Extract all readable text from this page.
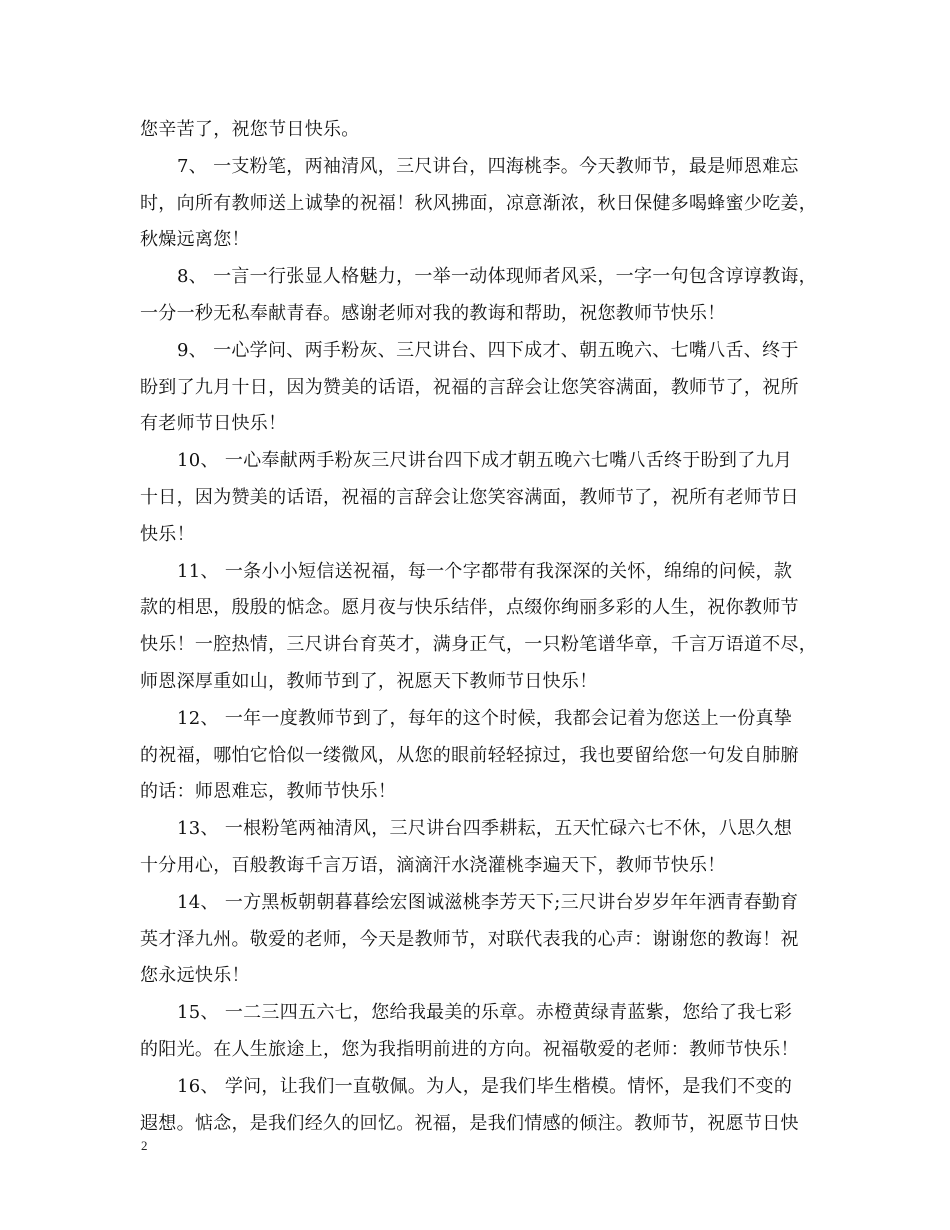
您辛苦了，祝您节日快乐。
7、 一支粉笔，两袖清风，三尺讲台，四海桃李。今天教师节，最是师恩难忘
时，向所有教师送上诚挚的祝福！秋风拂面，凉意渐浓，秋日保健多喝蜂蜜少吃姜，
秋燥远离您！
8、 一言一行张显人格魅力，一举一动体现师者风采，一字一句包含谆谆教诲，
一分一秒无私奉献青春。感谢老师对我的教诲和帮助，祝您教师节快乐！
9、 一心学问、两手粉灰、三尺讲台、四下成才、朝五晚六、七嘴八舌、终于
盼到了九月十日，因为赞美的话语，祝福的言辞会让您笑容满面，教师节了，祝所
有老师节日快乐！
10、 一心奉献两手粉灰三尺讲台四下成才朝五晚六七嘴八舌终于盼到了九月
十日，因为赞美的话语，祝福的言辞会让您笑容满面，教师节了，祝所有老师节日
快乐！
11、 一条小小短信送祝福，每一个字都带有我深深的关怀，绵绵的问候，款
款的相思，殷殷的惦念。愿月夜与快乐结伴，点缀你绚丽多彩的人生，祝你教师节
快乐！一腔热情，三尺讲台育英才，满身正气，一只粉笔谱华章，千言万语道不尽，
师恩深厚重如山，教师节到了，祝愿天下教师节日快乐！
12、 一年一度教师节到了，每年的这个时候，我都会记着为您送上一份真挚
的祝福，哪怕它恰似一缕微风，从您的眼前轻轻掠过，我也要留给您一句发自肺腑
的话：师恩难忘，教师节快乐！
13、 一根粉笔两袖清风，三尺讲台四季耕耘，五天忙碌六七不休，八思久想
十分用心，百般教诲千言万语，滴滴汗水浇灌桃李遍天下，教师节快乐！
14、 一方黑板朝朝暮暮绘宏图诚滋桃李芳天下;三尺讲台岁岁年年洒青春勤育
英才泽九州。敬爱的老师，今天是教师节，对联代表我的心声：谢谢您的教诲！祝
您永远快乐！
15、 一二三四五六七，您给我最美的乐章。赤橙黄绿青蓝紫，您给了我七彩
的阳光。在人生旅途上，您为我指明前进的方向。祝福敬爱的老师：教师节快乐！
16、 学问，让我们一直敬佩。为人，是我们毕生楷模。情怀，是我们不变的
遐想。惦念，是我们经久的回忆。祝福，是我们情感的倾注。教师节，祝愿节日快
2
